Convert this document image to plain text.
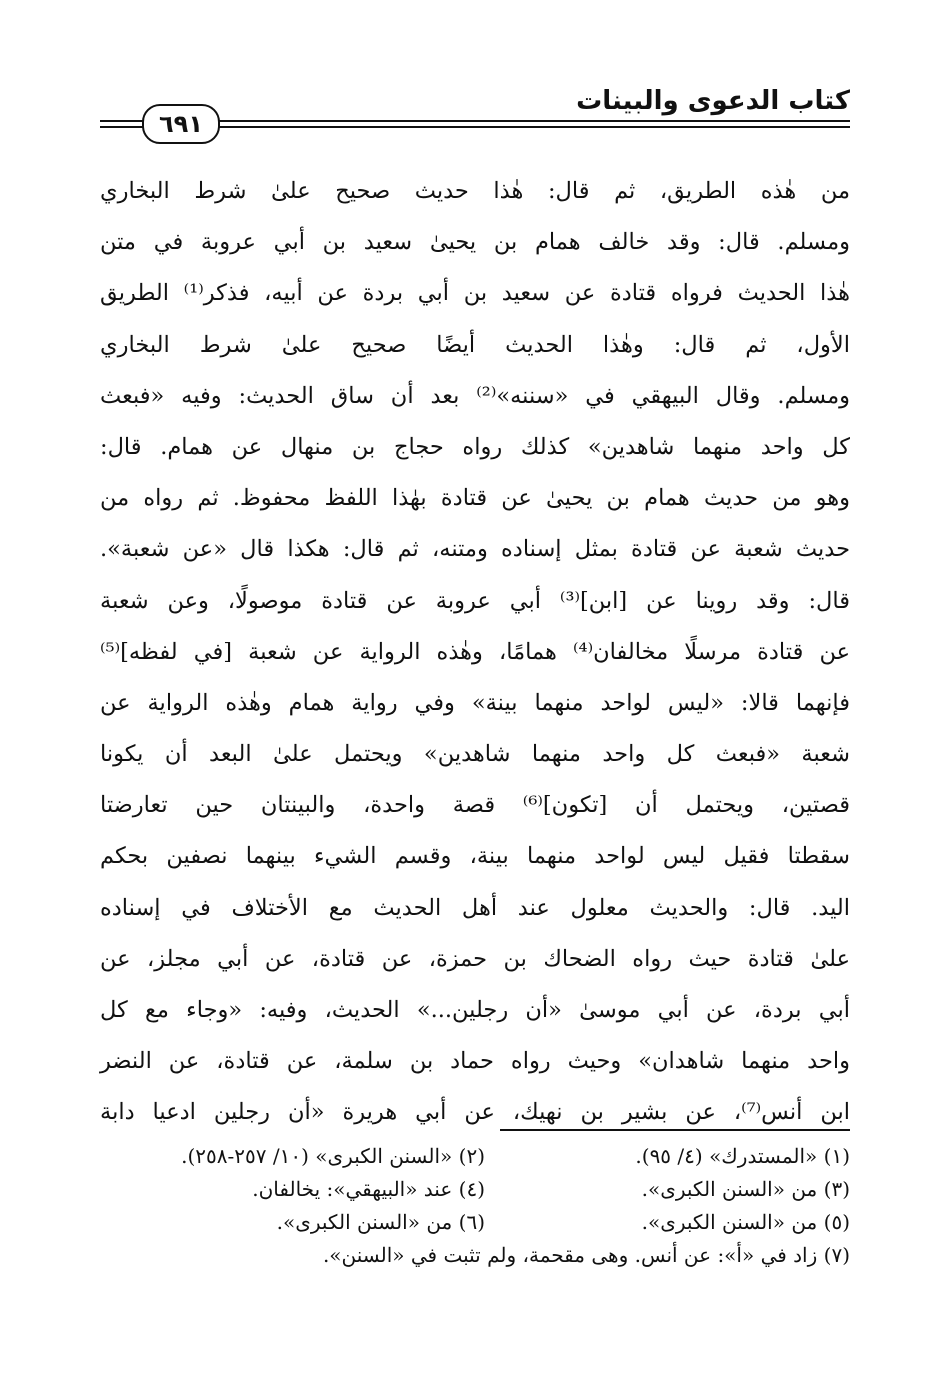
كتاب الدعوى والبينات
٦٩١
من هٰذه الطريق، ثم قال: هٰذا حديث صحيح علىٰ شرط البخاري
ومسلم. قال: وقد خالف همام بن يحيىٰ سعيد بن أبي عروبة في متن
هٰذا الحديث فرواه قتادة عن سعيد بن أبي بردة عن أبيه، فذكر⁽¹⁾ الطريق
الأول، ثم قال: وهٰذا الحديث أيضًا صحيح علىٰ شرط البخاري
ومسلم. وقال البيهقي في «سننه»⁽²⁾ بعد أن ساق الحديث: وفيه «فبعث
كل واحد منهما شاهدين» كذلك رواه حجاج بن منهال عن همام. قال:
وهو من حديث همام بن يحيىٰ عن قتادة بهٰذا اللفظ محفوظ. ثم رواه من
حديث شعبة عن قتادة بمثل إسناده ومتنه، ثم قال: هكذا قال «عن شعبة».
قال: وقد روينا عن [ابن]⁽³⁾ أبي عروبة عن قتادة موصولًا، وعن شعبة
عن قتادة مرسلًا مخالفان⁽⁴⁾ همامًا، وهٰذه الرواية عن شعبة [في لفظه]⁽⁵⁾
فإنهما قالا: «ليس لواحد منهما بينة» وفي رواية همام وهٰذه الرواية عن
شعبة «فبعث كل واحد منهما شاهدين» ويحتمل علىٰ البعد أن يكونا
قصتين، ويحتمل أن [تكون]⁽⁶⁾ قصة واحدة، والبينتان حين تعارضتا
سقطتا فقيل ليس لواحد منهما بينة، وقسم الشيء بينهما نصفين بحكم
اليد. قال: والحديث معلول عند أهل الحديث مع الأختلاف في إسناده
علىٰ قتادة حيث رواه الضحاك بن حمزة، عن قتادة، عن أبي مجلز، عن
أبي بردة، عن أبي موسىٰ «أن رجلين...» الحديث، وفيه: «وجاء مع كل
واحد منهما شاهدان» وحيث رواه حماد بن سلمة، عن قتادة، عن النضر
ابن أنس⁽⁷⁾، عن بشير بن نهيك، عن أبي هريرة «أن رجلين ادعيا دابة
(١) «المستدرك» (٤/ ٩٥).
(٢) «السنن الكبرى» (١٠/ ٢٥٧-٢٥٨).
(٣) من «السنن الكبرى».
(٤) عند «البيهقي»: يخالفان.
(٥) من «السنن الكبرى».
(٦) من «السنن الكبرى».
(٧) زاد في «أ»: عن أنس. وهى مقحمة، ولم تثبت في «السنن».
